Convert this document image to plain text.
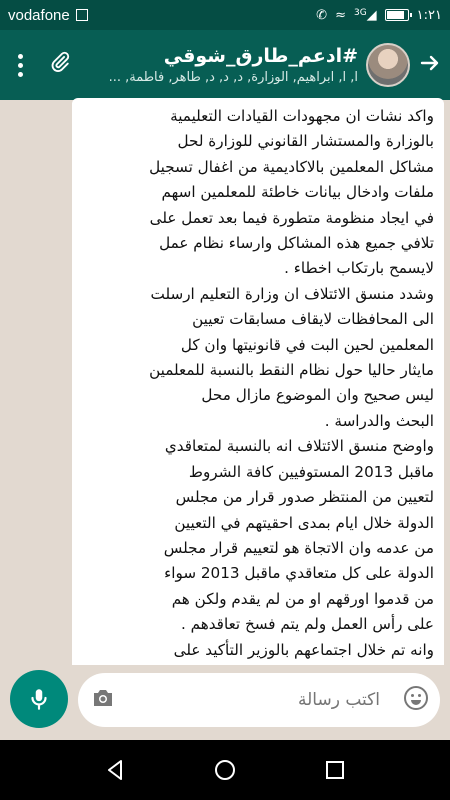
vodafone	✆ ≈ $^{3G}$◢	١:٢١
#ادعم_طارق_شوقي
ا, ا, ابراهيم, الوزارة, د, د, د, طاهر, فاطمة, ...
واكد نشات ان مجهودات القيادات التعليمية
بالوزارة والمستشار القانوني للوزارة لحل
مشاكل المعلمين بالاكاديمية من اغفال تسجيل
ملفات وادخال بيانات خاطئة للمعلمين اسهم
في ايجاد منظومة متطورة فيما بعد تعمل على
تلافي جميع هذه المشاكل وارساء نظام عمل
لايسمح بارتكاب اخطاء .
وشدد منسق الائتلاف ان وزارة التعليم ارسلت
الى المحافظات لايقاف مسابقات تعيين
المعلمين لحين البت في قانونيتها وان كل
مايثار حاليا حول نظام النقط بالنسبة للمعلمين
ليس صحيح وان الموضوع مازال محل
البحث والدراسة .
واوضح منسق الائتلاف انه بالنسبة لمتعاقدي
ماقبل 2013 المستوفيين كافة الشروط
لتعيين من المنتظر صدور قرار من مجلس
الدولة خلال ايام بمدى احقيتهم في التعيين
من عدمه وان الاتجاة هو لتعييم قرار مجلس
الدولة على كل متعاقدي ماقبل 2013 سواء
من قدموا اورقهم او من لم يقدم ولكن هم
على رأس العمل ولم يتم فسخ تعاقدهم .
وانه تم خلال اجتماعهم بالوزير التأكيد على
اكتب رسالة
